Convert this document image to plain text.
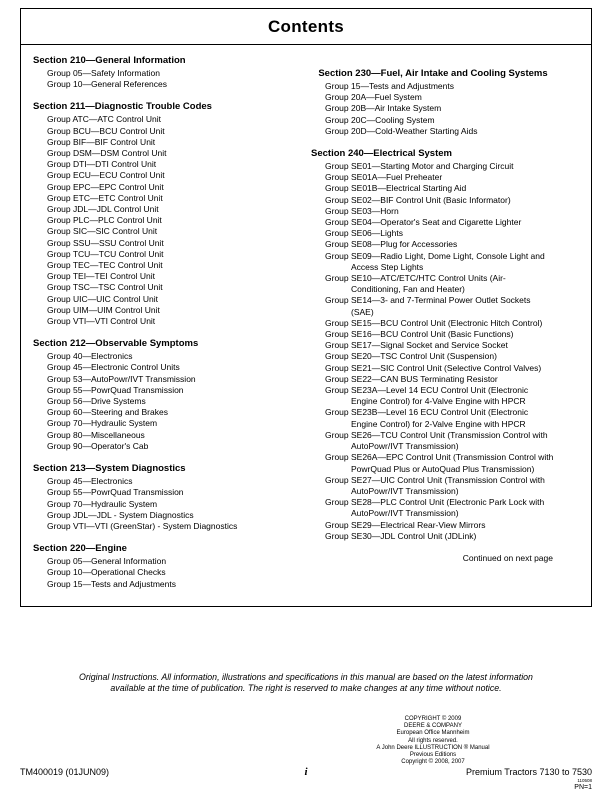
Contents
Section 210—General Information
Group 05—Safety Information
Group 10—General References
Section 211—Diagnostic Trouble Codes
Group ATC—ATC Control Unit
Group BCU—BCU Control Unit
Group BIF—BIF Control Unit
Group DSM—DSM Control Unit
Group DTI—DTI Control Unit
Group ECU—ECU Control Unit
Group EPC—EPC Control Unit
Group ETC—ETC Control Unit
Group JDL—JDL Control Unit
Group PLC—PLC Control Unit
Group SIC—SIC Control Unit
Group SSU—SSU Control Unit
Group TCU—TCU Control Unit
Group TEC—TEC Control Unit
Group TEI—TEI Control Unit
Group TSC—TSC Control Unit
Group UIC—UIC Control Unit
Group UIM—UIM Control Unit
Group VTI—VTI Control Unit
Section 212—Observable Symptoms
Group 40—Electronics
Group 45—Electronic Control Units
Group 53—AutoPowr/IVT Transmission
Group 55—PowrQuad Transmission
Group 56—Drive Systems
Group 60—Steering and Brakes
Group 70—Hydraulic System
Group 80—Miscellaneous
Group 90—Operator's Cab
Section 213—System Diagnostics
Group 45—Electronics
Group 55—PowrQuad Transmission
Group 70—Hydraulic System
Group JDL—JDL - System Diagnostics
Group VTI—VTI (GreenStar) - System Diagnostics
Section 220—Engine
Group 05—General Information
Group 10—Operational Checks
Group 15—Tests and Adjustments
Section 230—Fuel, Air Intake and Cooling Systems
Group 15—Tests and Adjustments
Group 20A—Fuel System
Group 20B—Air Intake System
Group 20C—Cooling System
Group 20D—Cold-Weather Starting Aids
Section 240—Electrical System
Group SE01—Starting Motor and Charging Circuit
Group SE01A—Fuel Preheater
Group SE01B—Electrical Starting Aid
Group SE02—BIF Control Unit (Basic Informator)
Group SE03—Horn
Group SE04—Operator's Seat and Cigarette Lighter
Group SE06—Lights
Group SE08—Plug for Accessories
Group SE09—Radio Light, Dome Light, Console Light and Access Step Lights
Group SE10—ATC/ETC/HTC Control Units (Air-Conditioning, Fan and Heater)
Group SE14—3- and 7-Terminal Power Outlet Sockets (SAE)
Group SE15—BCU Control Unit (Electronic Hitch Control)
Group SE16—BCU Control Unit (Basic Functions)
Group SE17—Signal Socket and Service Socket
Group SE20—TSC Control Unit (Suspension)
Group SE21—SIC Control Unit (Selective Control Valves)
Group SE22—CAN BUS Terminating Resistor
Group SE23A—Level 14 ECU Control Unit (Electronic Engine Control) for 4-Valve Engine with HPCR
Group SE23B—Level 16 ECU Control Unit (Electronic Engine Control) for 2-Valve Engine with HPCR
Group SE26—TCU Control Unit (Transmission Control with AutoPowr/IVT Transmission)
Group SE26A—EPC Control Unit (Transmission Control with PowrQuad Plus or AutoQuad Plus Transmission)
Group SE27—UIC Control Unit (Transmission Control with AutoPowr/IVT Transmission)
Group SE28—PLC Control Unit (Electronic Park Lock with AutoPowr/IVT Transmission)
Group SE29—Electrical Rear-View Mirrors
Group SE30—JDL Control Unit (JDLink)
Continued on next page
Original Instructions. All information, illustrations and specifications in this manual are based on the latest information available at the time of publication. The right is reserved to make changes at any time without notice.
COPYRIGHT © 2009
DEERE & COMPANY
European Office Mannheim
All rights reserved.
A John Deere ILLUSTRUCTION ® Manual
Previous Editions
Copyright © 2008, 2007
TM400019 (01JUN09)	i	Premium Tractors 7130 to 7530
110508
PN=1
